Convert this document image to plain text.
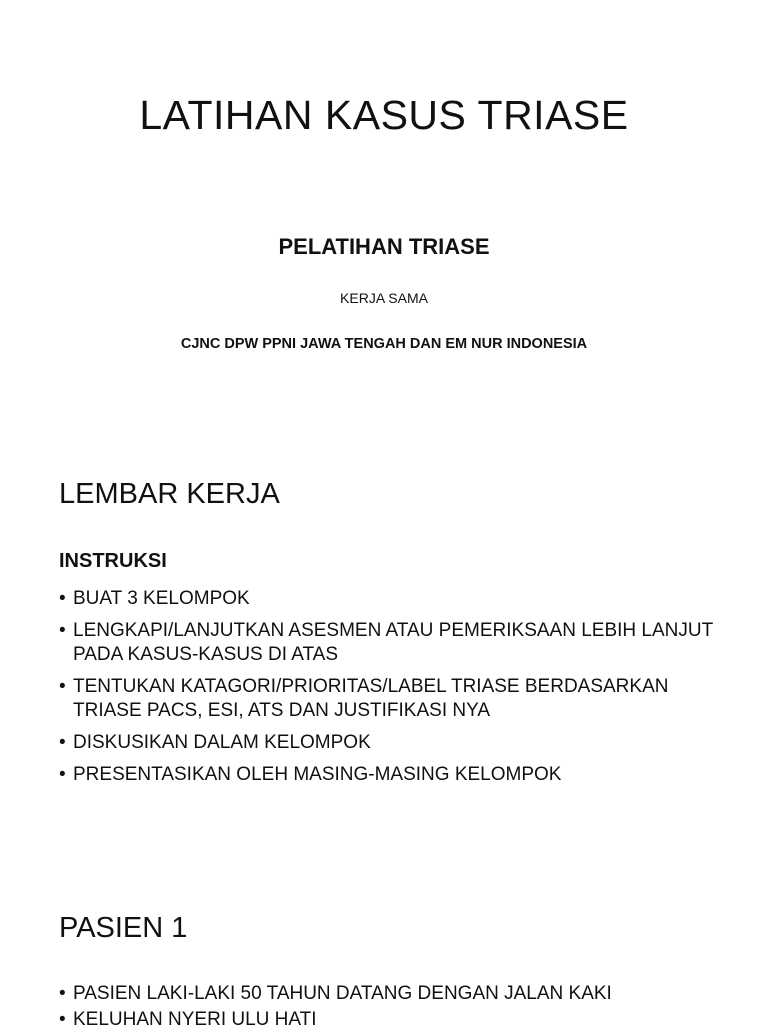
LATIHAN KASUS TRIASE
PELATIHAN TRIASE
KERJA SAMA
CJNC DPW PPNI JAWA TENGAH DAN EM NUR INDONESIA
LEMBAR KERJA
INSTRUKSI
• BUAT 3 KELOMPOK
• LENGKAPI/LANJUTKAN ASESMEN ATAU PEMERIKSAAN LEBIH LANJUT PADA KASUS-KASUS DI ATAS
• TENTUKAN KATAGORI/PRIORITAS/LABEL TRIASE BERDASARKAN TRIASE PACS, ESI, ATS DAN JUSTIFIKASI NYA
• DISKUSIKAN DALAM KELOMPOK
• PRESENTASIKAN OLEH MASING-MASING KELOMPOK
PASIEN 1
• PASIEN LAKI-LAKI 50 TAHUN DATANG DENGAN JALAN KAKI
• KELUHAN NYERI ULU HATI
